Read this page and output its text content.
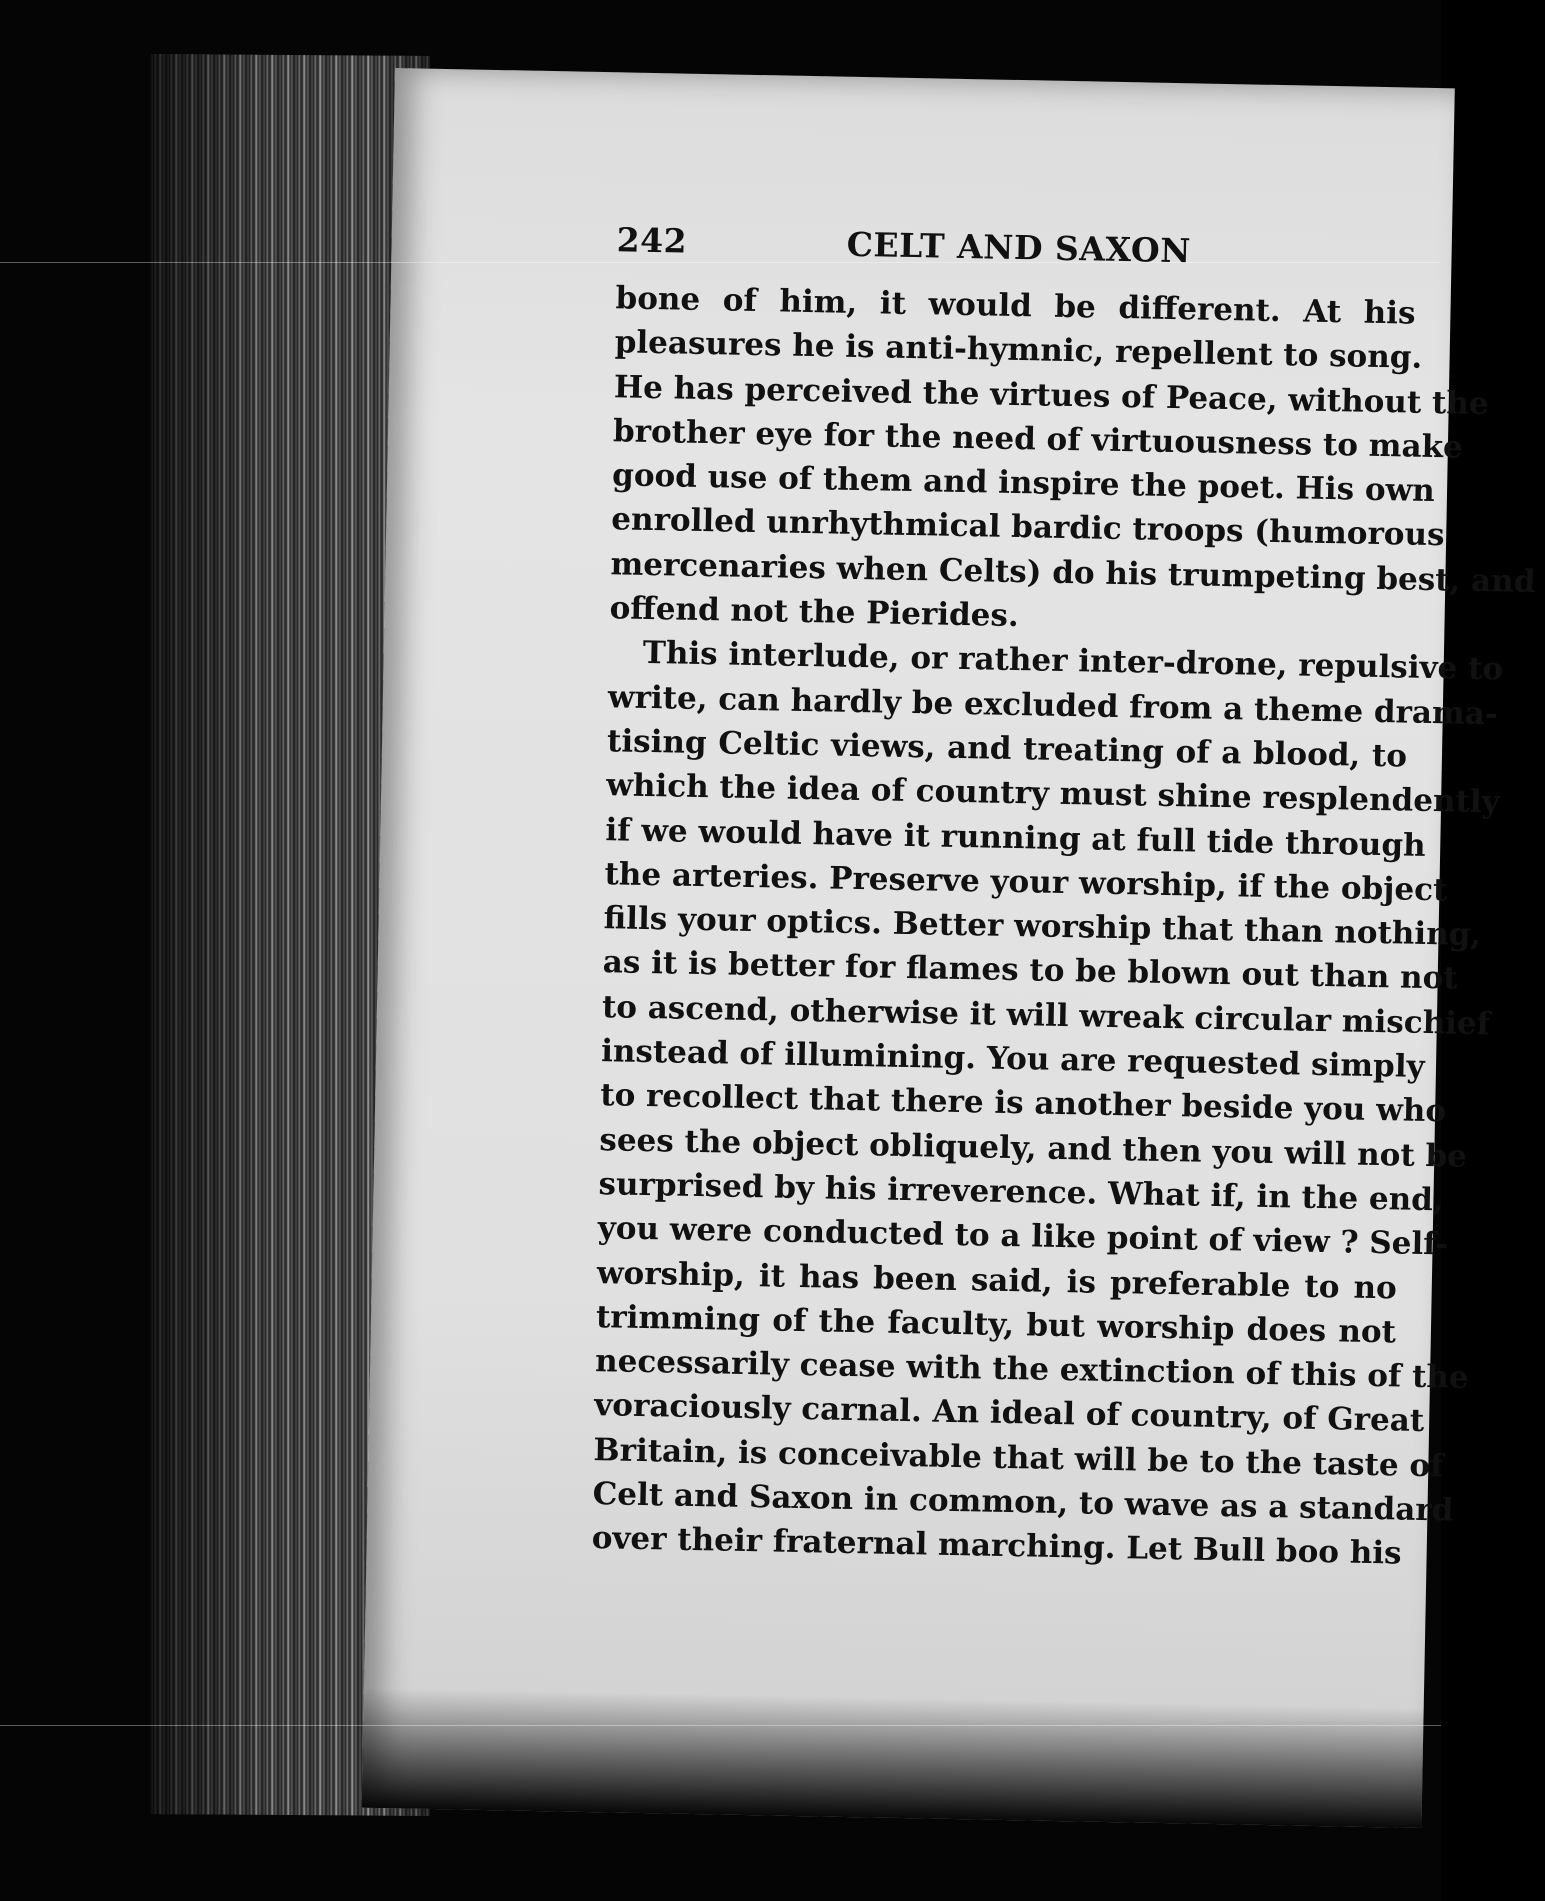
242	CELT AND SAXON
bone of him, it would be different. At his
pleasures he is anti-hymnic, repellent to song.
He has perceived the virtues of Peace, without the
brother eye for the need of virtuousness to make
good use of them and inspire the poet. His own
enrolled unrhythmical bardic troops (humorous
mercenaries when Celts) do his trumpeting best, and
offend not the Pierides.
This interlude, or rather inter-drone, repulsive to
write, can hardly be excluded from a theme drama-
tising Celtic views, and treating of a blood, to
which the idea of country must shine resplendently
if we would have it running at full tide through
the arteries. Preserve your worship, if the object
fills your optics. Better worship that than nothing,
as it is better for flames to be blown out than not
to ascend, otherwise it will wreak circular mischief
instead of illumining. You are requested simply
to recollect that there is another beside you who
sees the object obliquely, and then you will not be
surprised by his irreverence. What if, in the end,
you were conducted to a like point of view ? Self-
worship, it has been said, is preferable to no
trimming of the faculty, but worship does not
necessarily cease with the extinction of this of the
voraciously carnal. An ideal of country, of Great
Britain, is conceivable that will be to the taste of
Celt and Saxon in common, to wave as a standard
over their fraternal marching. Let Bull boo his
